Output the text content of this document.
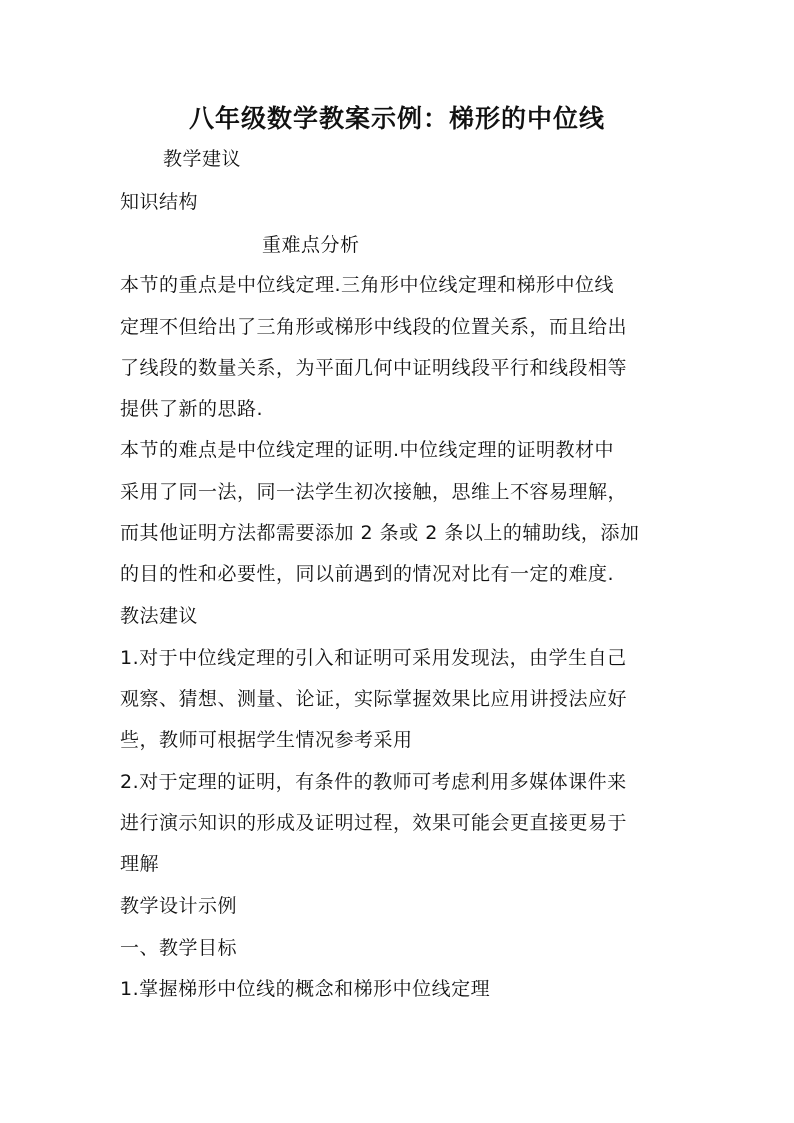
八年级数学教案示例：梯形的中位线
教学建议
知识结构
重难点分析
本节的重点是中位线定理.三角形中位线定理和梯形中位线
定理不但给出了三角形或梯形中线段的位置关系，而且给出
了线段的数量关系，为平面几何中证明线段平行和线段相等
提供了新的思路.
本节的难点是中位线定理的证明.中位线定理的证明教材中
采用了同一法，同一法学生初次接触，思维上不容易理解，
而其他证明方法都需要添加 2 条或 2 条以上的辅助线，添加
的目的性和必要性，同以前遇到的情况对比有一定的难度.
教法建议
1.对于中位线定理的引入和证明可采用发现法，由学生自己
观察、猜想、测量、论证，实际掌握效果比应用讲授法应好
些，教师可根据学生情况参考采用
2.对于定理的证明，有条件的教师可考虑利用多媒体课件来
进行演示知识的形成及证明过程，效果可能会更直接更易于
理解
教学设计示例
一、教学目标
1.掌握梯形中位线的概念和梯形中位线定理
